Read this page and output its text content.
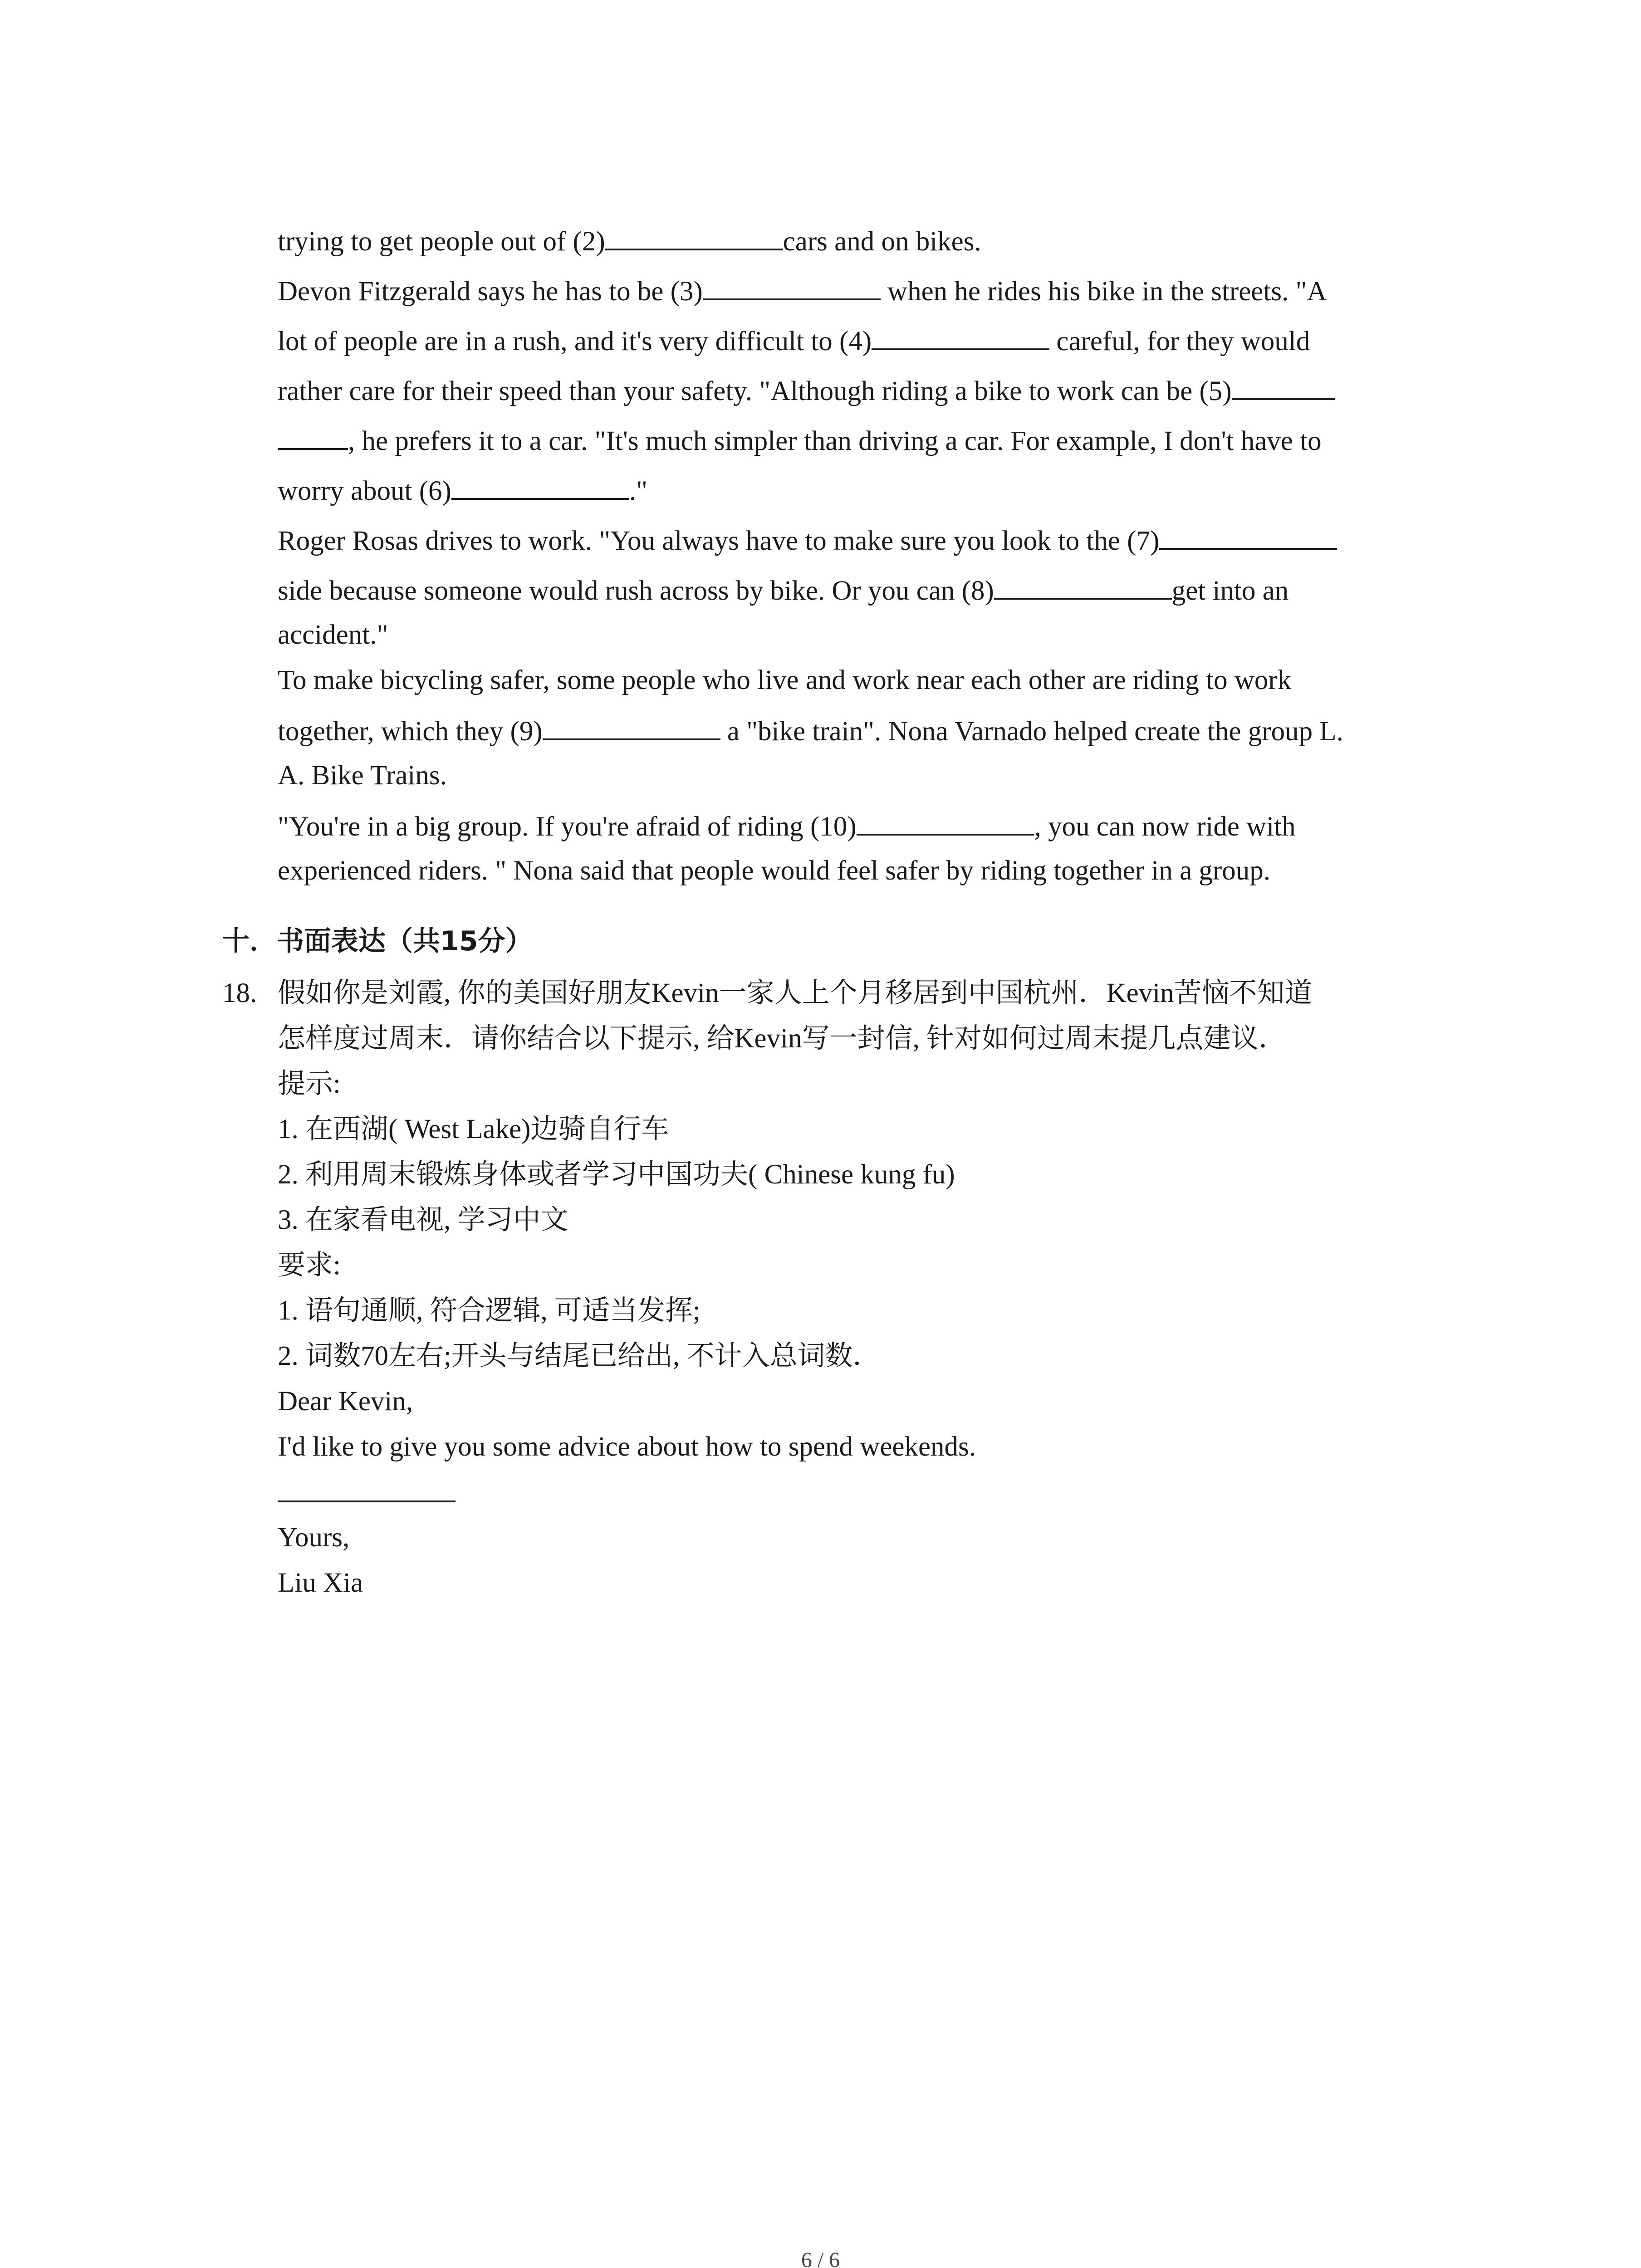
trying to get people out of (2)	cars and on bikes.
Devon Fitzgerald says he has to be (3)	when he rides his bike in the streets. "A
lot of people are in a rush, and it's very difficult to (4)	careful, for they would
rather care for their speed than your safety. "Although riding a bike to work can be (5)
, he prefers it to a car. "It's much simpler than driving a car. For example, I don't have to
worry about (6)	."
Roger Rosas drives to work. "You always have to make sure you look to the (7)
side because someone would rush across by bike. Or you can (8)	get into an
accident."
To make bicycling safer, some people who live and work near each other are riding to work
together, which they (9)	a "bike train". Nona Varnado helped create the group L.
A. Bike Trains.
"You're in a big group. If you're afraid of riding (10)	, you can now ride with
experienced riders. " Nona said that people would feel safer by riding together in a group.
十．书面表达（共15分）
18. 假如你是刘霞, 你的美国好朋友Kevin一家人上个月移居到中国杭州．Kevin苦恼不知道
怎样度过周末．请你结合以下提示, 给Kevin写一封信, 针对如何过周末提几点建议．
提示:
1. 在西湖( West Lake)边骑自行车
2. 利用周末锻炼身体或者学习中国功夫( Chinese kung fu)
3. 在家看电视, 学习中文
要求:
1. 语句通顺, 符合逻辑, 可适当发挥;
2. 词数70左右;开头与结尾已给出, 不计入总词数．
Dear Kevin,
I'd like to give you some advice about how to spend weekends.
Yours,
Liu Xia
6 / 6
